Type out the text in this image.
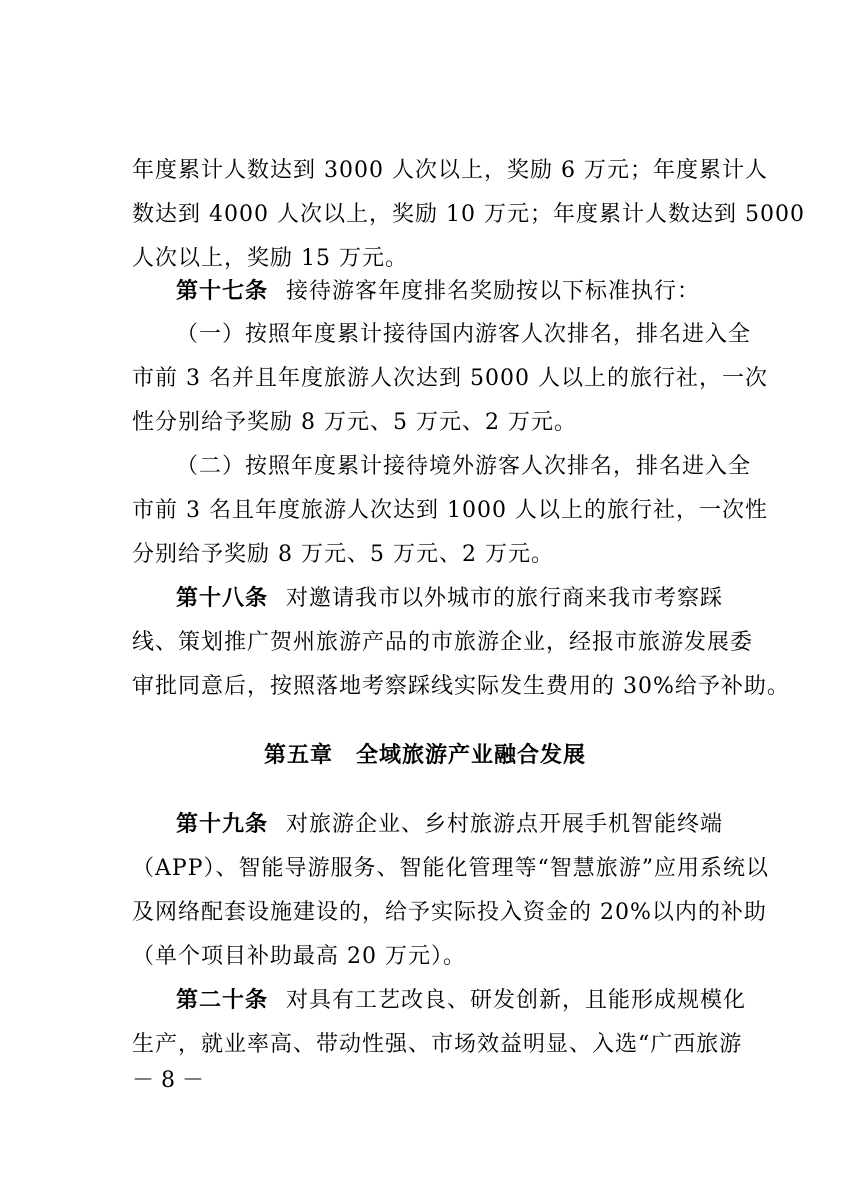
年度累计人数达到 3000 人次以上，奖励 6 万元；年度累计人
数达到 4000 人次以上，奖励 10 万元；年度累计人数达到 5000
人次以上，奖励 15 万元。
第十七条 接待游客年度排名奖励按以下标准执行：
（一）按照年度累计接待国内游客人次排名，排名进入全
市前 3 名并且年度旅游人次达到 5000 人以上的旅行社，一次
性分别给予奖励 8 万元、5 万元、2 万元。
（二）按照年度累计接待境外游客人次排名，排名进入全
市前 3 名且年度旅游人次达到 1000 人以上的旅行社，一次性
分别给予奖励 8 万元、5 万元、2 万元。
第十八条 对邀请我市以外城市的旅行商来我市考察踩
线、策划推广贺州旅游产品的市旅游企业，经报市旅游发展委
审批同意后，按照落地考察踩线实际发生费用的 30%给予补助。
第五章　全域旅游产业融合发展
第十九条 对旅游企业、乡村旅游点开展手机智能终端
（APP）、智能导游服务、智能化管理等“智慧旅游”应用系统以
及网络配套设施建设的，给予实际投入资金的 20%以内的补助
（单个项目补助最高 20 万元）。
第二十条 对具有工艺改良、研发创新，且能形成规模化
生产，就业率高、带动性强、市场效益明显、入选“广西旅游
－ 8 －
